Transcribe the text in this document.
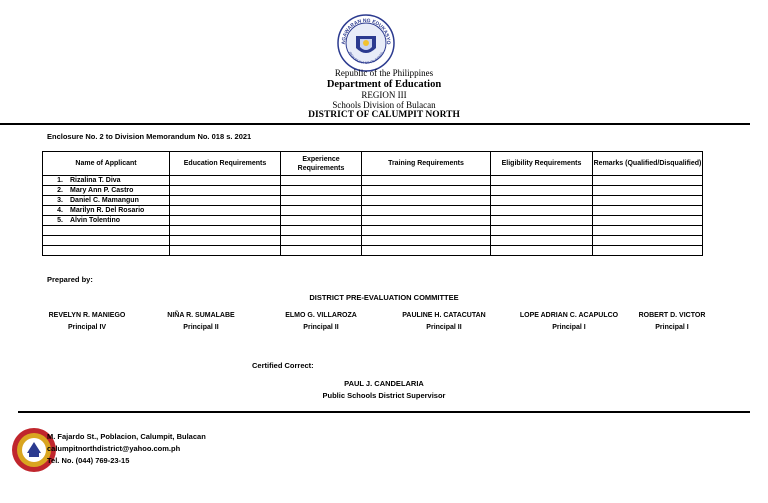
AGAWARAN NG EDUKASYO
REPUBLIKA NG PILIPINAS
Republic of the Philippines
Department of Education
REGION III
Schools Division of Bulacan
DISTRICT OF CALUMPIT NORTH
Enclosure No. 2 to Division Memorandum No. 018 s. 2021
Name of Applicant	Education Requirements	Experience Requirements	Training Requirements	Eligibility Requirements	Remarks (Qualified/Disqualified)
1. Rizalina T. Diva					
2. Mary Ann P. Castro					
3. Daniel C. Mamangun					
4. Marilyn R. Del Rosario					
5. Alvin Tolentino					

Prepared by:
DISTRICT PRE-EVALUATION COMMITTEE
REVELYN R. MANIEGO
Principal IV
NIÑA R. SUMALABE
Principal II
ELMO G. VILLAROZA
Principal II
PAULINE H. CATACUTAN
Principal II
LOPE ADRIAN C. ACAPULCO
Principal I
ROBERT D. VICTOR
Principal I
Certified Correct:
PAUL J. CANDELARIA
Public Schools District Supervisor
M. Fajardo St., Poblacion, Calumpit, Bulacan
calumpitnorthdistrict@yahoo.com.ph
Tel. No. (044) 769-23-15
